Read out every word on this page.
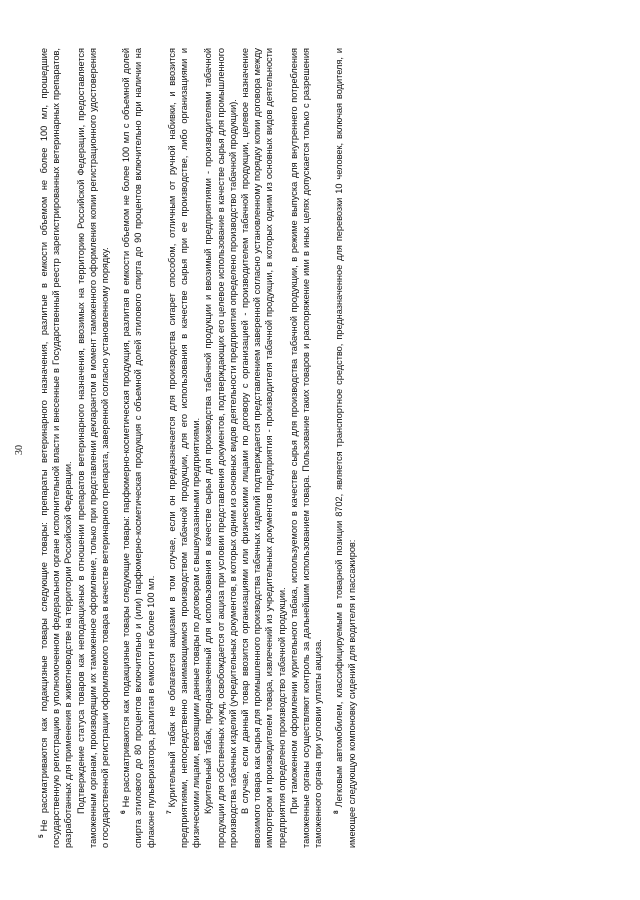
30

$^5$Не рассматриваются как подакцизные товары следующие товары: препараты ветеринарного назначения, разлитые в емкости объемом не более 100 мл, прошедшие государственную регистрацию в уполномоченном федеральном органе исполнительной власти и внесенные в Государственный реестр зарегистрированных ветеринарных препаратов, разработанных для применения в животноводстве на территории Российской Федерации. Подтверждение статуса товаров как неподакцизных в отношении препаратов ветеринарного назначения, ввозимых на территорию Российской Федерации, предоставляется таможенным органам, производящим их таможенное оформление, только при представлении декларантом в момент таможенного оформления копии регистрационного удостоверения о государственной регистрации оформляемого товара в качестве ветеринарного препарата, заверенной согласно установленному порядку. $^6$Не рассматриваются как подакцизные товары следующие товары: парфюмерно-косметическая продукция, разлитая в емкости объемом не более 100 мл с объемной долей спирта этилового до 80 процентов включительно и (или) парфюмерно-косметическая продукция с объемной долей этилового спирта до 90 процентов включительно при наличии на флаконе пульверизатора, разлитая в емкости не более 100 мл. $^7$Курительный табак не облагается акцизами в том случае, если он предназначается для производства сигарет способом, отличным от ручной набивки, и ввозится предприятиями, непосредственно занимающимися производством табачной продукции, для его использования в качестве сырья при ее производстве, либо организациями и физическими лицами, ввозящими данные товары по договорам с вышеуказанными предприятиями. Курительный табак, предназначенный для использования в качестве сырья для производства табачной продукции и ввозимый предприятиями - производителями табачной продукции для собственных нужд, освобождается от акциза при условии представления документов, подтверждающих его целевое использование в качестве сырья для промышленного производства табачных изделий (учредительных документов, в которых одним из основных видов деятельности предприятия определено производство табачной продукции). В случае, если данный товар ввозится организациями или физическими лицами по договору с организацией - производителем табачной продукции, целевое назначение ввозимого товара как сырья для промышленного производства табачных изделий подтверждается представлением заверенной согласно установленному порядку копии договора между импортером и производителем товара, извлечений из учредительных документов предприятия - производителя табачной продукции, в которых одним из основных видов деятельности предприятия определено производство табачной продукции. При таможенном оформлении курительного табака, используемого в качестве сырья для производства табачной продукции, в режиме выпуска для внутреннего потребления таможенные органы осуществляют контроль за дальнейшим использованием товара. Пользование таких товаров и распоряжение ими в иных целях допускается только с разрешения таможенного органа при условии уплаты акциза. $^8$Легковым автомобилем, классифицируемым в товарной позиции 8702, является транспортное средство, предназначенное для перевозки 10 человек, включая водителя, и имеющее следующую компоновку сидений для водителя и пассажиров:
